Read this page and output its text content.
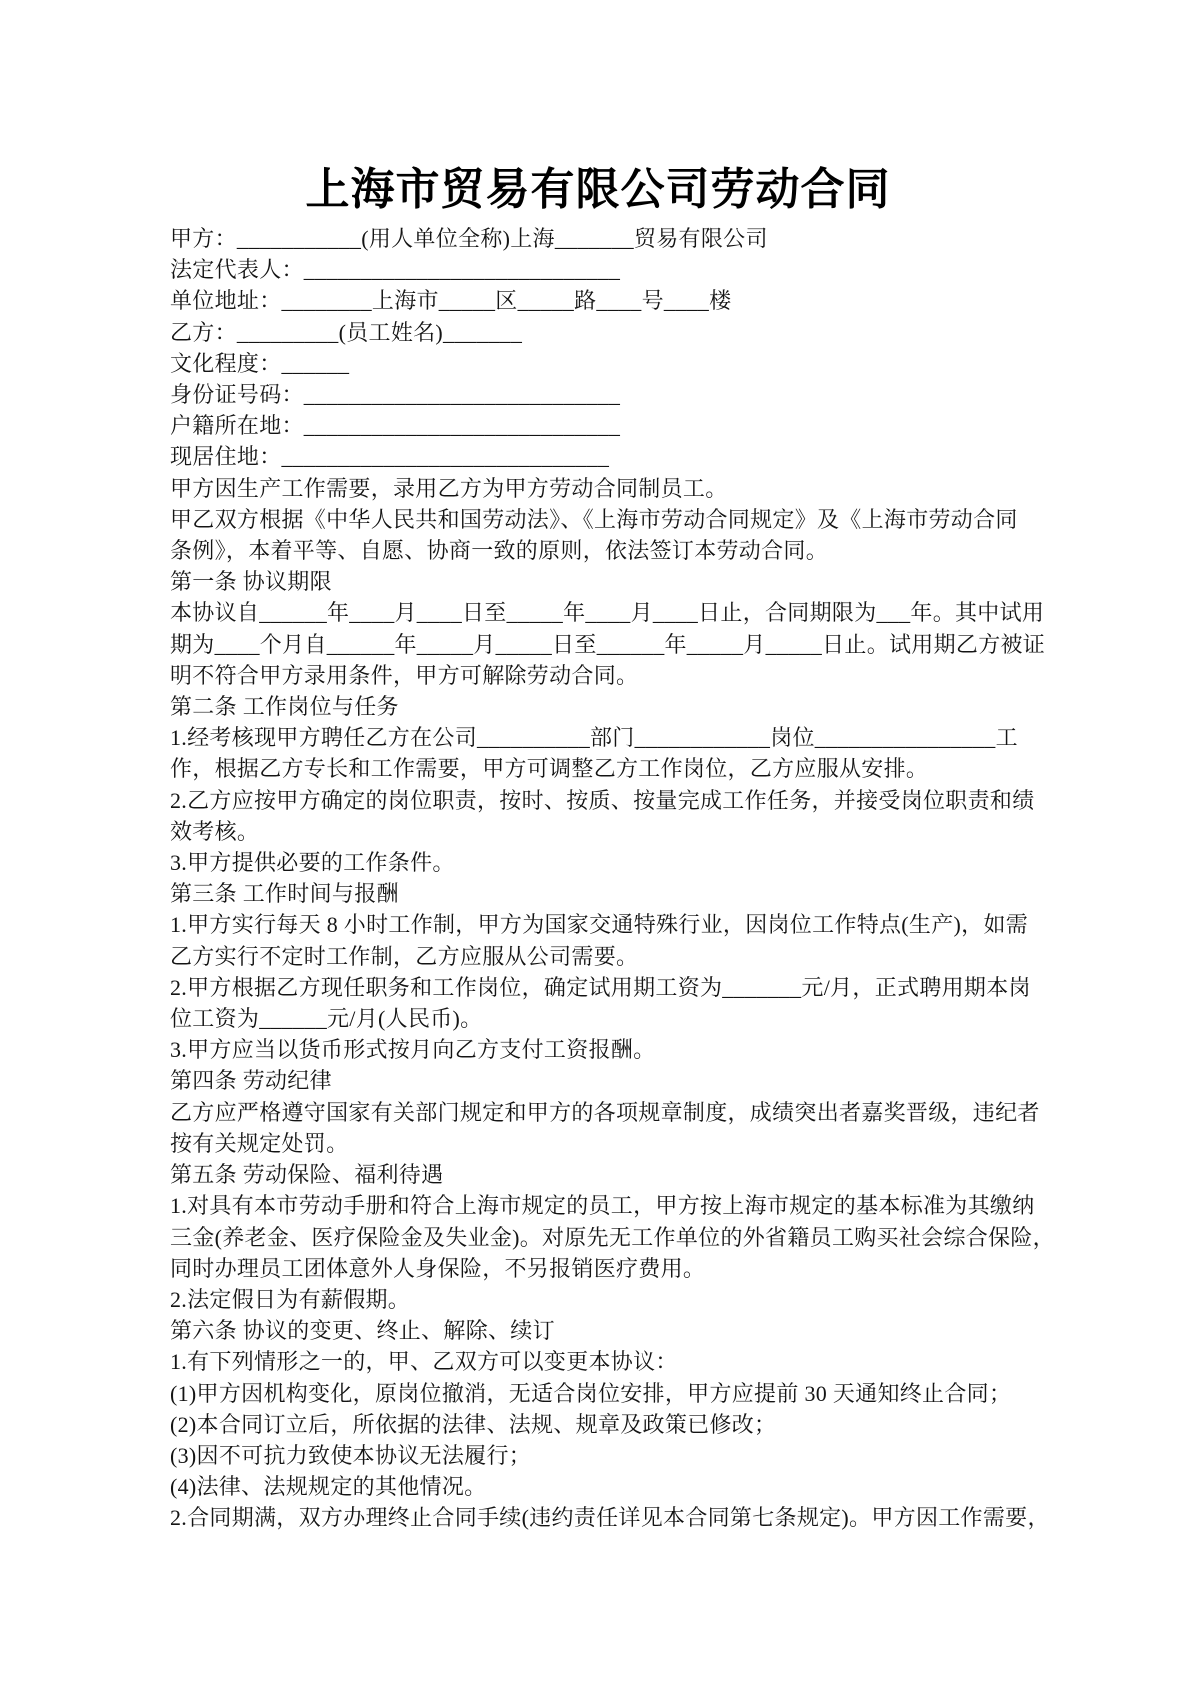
上海市贸易有限公司劳动合同
甲方：___________(用人单位全称)上海_______贸易有限公司
法定代表人：____________________________
单位地址：________上海市_____区_____路____号____楼
乙方：_________(员工姓名)_______
文化程度：______
身份证号码：____________________________
户籍所在地：____________________________
现居住地：_____________________________
甲方因生产工作需要，录用乙方为甲方劳动合同制员工。
甲乙双方根据《中华人民共和国劳动法》、《上海市劳动合同规定》及《上海市劳动合同
条例》，本着平等、自愿、协商一致的原则，依法签订本劳动合同。
第一条 协议期限
本协议自______年____月____日至_____年____月____日止，合同期限为___年。其中试用
期为____个月自______年_____月_____日至______年_____月_____日止。试用期乙方被证
明不符合甲方录用条件，甲方可解除劳动合同。
第二条 工作岗位与任务
1.经考核现甲方聘任乙方在公司__________部门____________岗位________________工
作，根据乙方专长和工作需要，甲方可调整乙方工作岗位，乙方应服从安排。
2.乙方应按甲方确定的岗位职责，按时、按质、按量完成工作任务，并接受岗位职责和绩
效考核。
3.甲方提供必要的工作条件。
第三条 工作时间与报酬
1.甲方实行每天 8 小时工作制，甲方为国家交通特殊行业，因岗位工作特点(生产)，如需
乙方实行不定时工作制，乙方应服从公司需要。
2.甲方根据乙方现任职务和工作岗位，确定试用期工资为_______元/月，正式聘用期本岗
位工资为______元/月(人民币)。
3.甲方应当以货币形式按月向乙方支付工资报酬。
第四条 劳动纪律
乙方应严格遵守国家有关部门规定和甲方的各项规章制度，成绩突出者嘉奖晋级，违纪者
按有关规定处罚。
第五条 劳动保险、福利待遇
1.对具有本市劳动手册和符合上海市规定的员工，甲方按上海市规定的基本标准为其缴纳
三金(养老金、医疗保险金及失业金)。对原先无工作单位的外省籍员工购买社会综合保险，
同时办理员工团体意外人身保险，不另报销医疗费用。
2.法定假日为有薪假期。
第六条 协议的变更、终止、解除、续订
1.有下列情形之一的，甲、乙双方可以变更本协议：
(1)甲方因机构变化，原岗位撤消，无适合岗位安排，甲方应提前 30 天通知终止合同；
(2)本合同订立后，所依据的法律、法规、规章及政策已修改；
(3)因不可抗力致使本协议无法履行；
(4)法律、法规规定的其他情况。
2.合同期满，双方办理终止合同手续(违约责任详见本合同第七条规定)。甲方因工作需要，
